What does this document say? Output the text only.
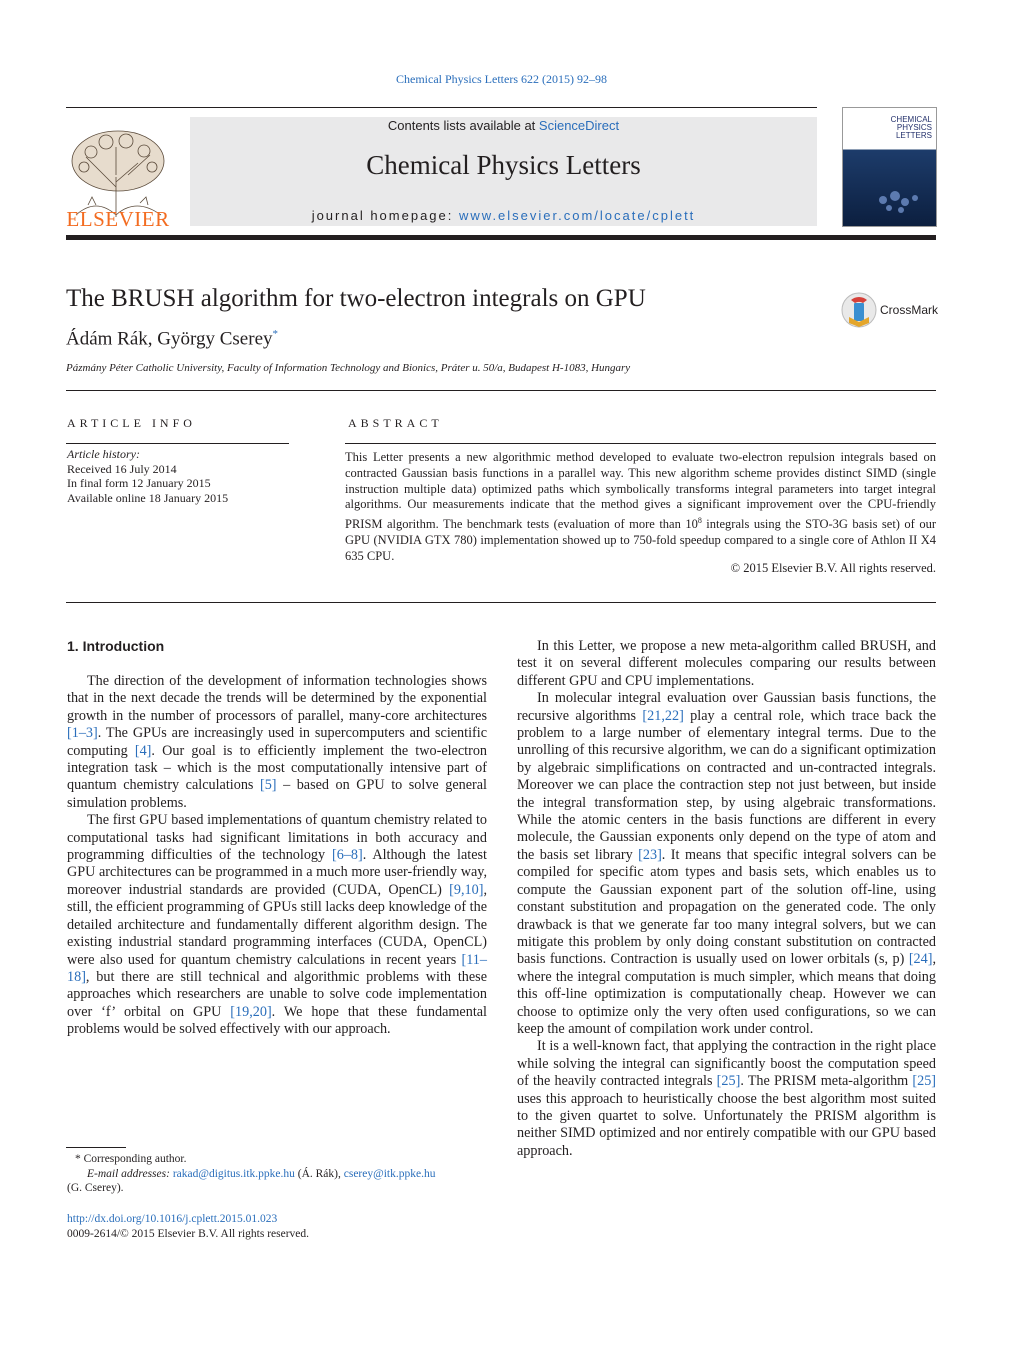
Chemical Physics Letters 622 (2015) 92–98
ELSEVIER
Contents lists available at ScienceDirect
Chemical Physics Letters
journal homepage: www.elsevier.com/locate/cplett
CHEMICAL PHYSICS LETTERS
The BRUSH algorithm for two-electron integrals on GPU	CrossMark
Ádám Rák, György Cserey*
Pázmány Péter Catholic University, Faculty of Information Technology and Bionics, Práter u. 50/a, Budapest H-1083, Hungary
ARTICLE INFO
Article history:
Received 16 July 2014
In final form 12 January 2015
Available online 18 January 2015
ABSTRACT
This Letter presents a new algorithmic method developed to evaluate two-electron repulsion integrals based on contracted Gaussian basis functions in a parallel way. This new algorithm scheme provides distinct SIMD (single instruction multiple data) optimized paths which symbolically transforms integral parameters into target integral algorithms. Our measurements indicate that the method gives a significant improvement over the CPU-friendly PRISM algorithm. The benchmark tests (evaluation of more than $10^8$ integrals using the STO-3G basis set) of our GPU (NVIDIA GTX 780) implementation showed up to 750-fold speedup compared to a single core of Athlon II X4 635 CPU.
© 2015 Elsevier B.V. All rights reserved.
1. Introduction

The direction of the development of information technologies shows that in the next decade the trends will be determined by the exponential growth in the number of processors of parallel, many-core architectures [1–3]. The GPUs are increasingly used in supercomputers and scientific computing [4]. Our goal is to efficiently implement the two-electron integration task – which is the most computationally intensive part of quantum chemistry calculations [5] – based on GPU to solve general simulation problems.

The first GPU based implementations of quantum chemistry related to computational tasks had significant limitations in both accuracy and programming difficulties of the technology [6–8]. Although the latest GPU architectures can be programmed in a much more user-friendly way, moreover industrial standards are provided (CUDA, OpenCL) [9,10], still, the efficient programming of GPUs still lacks deep knowledge of the detailed architecture and fundamentally different algorithm design. The existing industrial standard programming interfaces (CUDA, OpenCL) were also used for quantum chemistry calculations in recent years [11–18], but there are still technical and algorithmic problems with these approaches which researchers are unable to solve code implementation over ‘f’ orbital on GPU [19,20]. We hope that these fundamental problems would be solved effectively with our approach.

In this Letter, we propose a new meta-algorithm called BRUSH, and test it on several different molecules comparing our results between different GPU and CPU implementations.

In molecular integral evaluation over Gaussian basis functions, the recursive algorithms [21,22] play a central role, which trace back the problem to a large number of elementary integral terms. Due to the unrolling of this recursive algorithm, we can do a significant optimization by algebraic simplifications on contracted and un-contracted integrals. Moreover we can place the contraction step not just between, but inside the integral transformation step, by using algebraic transformations. While the atomic centers in the basis functions are different in every molecule, the Gaussian exponents only depend on the type of atom and the basis set library [23]. It means that specific integral solvers can be compiled for specific atom types and basis sets, which enables us to compute the Gaussian exponent part of the solution off-line, using constant substitution and propagation on the generated code. The only drawback is that we generate far too many integral solvers, but we can mitigate this problem by only doing constant substitution on contracted basis functions. Contraction is usually used on lower orbitals (s, p) [24], where the integral computation is much simpler, which means that doing this off-line optimization is computationally cheap. However we can choose to optimize only the very often used configurations, so we can keep the amount of compilation work under control.

It is a well-known fact, that applying the contraction in the right place while solving the integral can significantly boost the computation speed of the heavily contracted integrals [25]. The PRISM meta-algorithm [25] uses this approach to heuristically choose the best algorithm most suited to the given quartet to solve. Unfortunately the PRISM algorithm is neither SIMD optimized and nor entirely compatible with our GPU based approach.

* Corresponding author.
E-mail addresses: rakad@digitus.itk.ppke.hu (Á. Rák), cserey@itk.ppke.hu
(G. Cserey).
http://dx.doi.org/10.1016/j.cplett.2015.01.023
0009-2614/© 2015 Elsevier B.V. All rights reserved.
